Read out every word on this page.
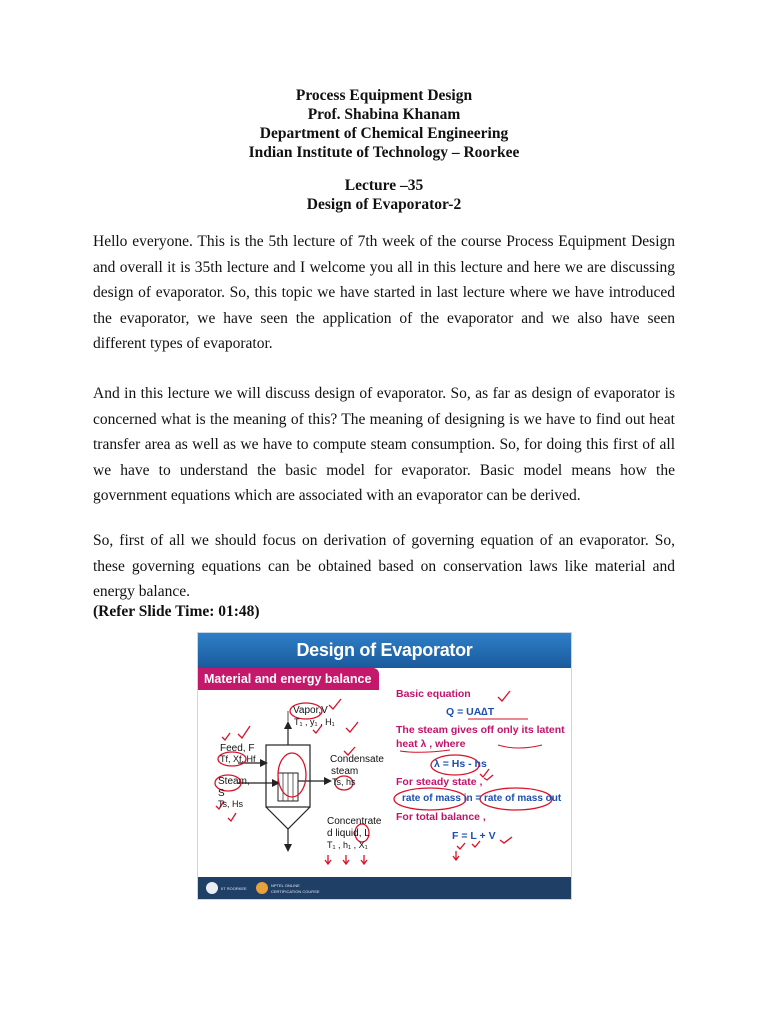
Process Equipment Design
Prof. Shabina Khanam
Department of Chemical Engineering
Indian Institute of Technology – Roorkee
Lecture –35
Design of Evaporator-2
Hello everyone. This is the 5th lecture of 7th week of the course Process Equipment Design and overall it is 35th lecture and I welcome you all in this lecture and here we are discussing design of evaporator. So, this topic we have started in last lecture where we have introduced the evaporator, we have seen the application of the evaporator and we also have seen different types of evaporator.
And in this lecture we will discuss design of evaporator. So, as far as design of evaporator is concerned what is the meaning of this? The meaning of designing is we have to find out heat transfer area as well as we have to compute steam consumption. So, for doing this first of all we have to understand the basic model for evaporator. Basic model means how the government equations which are associated with an evaporator can be derived.
So, first of all we should focus on derivation of governing equation of an evaporator. So, these governing equations can be obtained based on conservation laws like material and energy balance.
(Refer Slide Time: 01:48)
Design of Evaporator
Material and energy balance
Vapor,V
T₁ , y₁ , H₁
Feed, F
Tf, Xf, Hf
Steam,
S
Ts, Hs
Condensate
steam
Ts, hs
Concentrate
d liquid, L
T₁ , h₁ , X₁
Basic equation
Q = UA∆T
The steam gives off only its latent
heat λ , where
λ = Hs - hs
For steady state ,
rate of mass in = rate of mass out
For total balance ,
F = L + V
IIT ROORKEE
NPTEL ONLINE
CERTIFICATION COURSE
